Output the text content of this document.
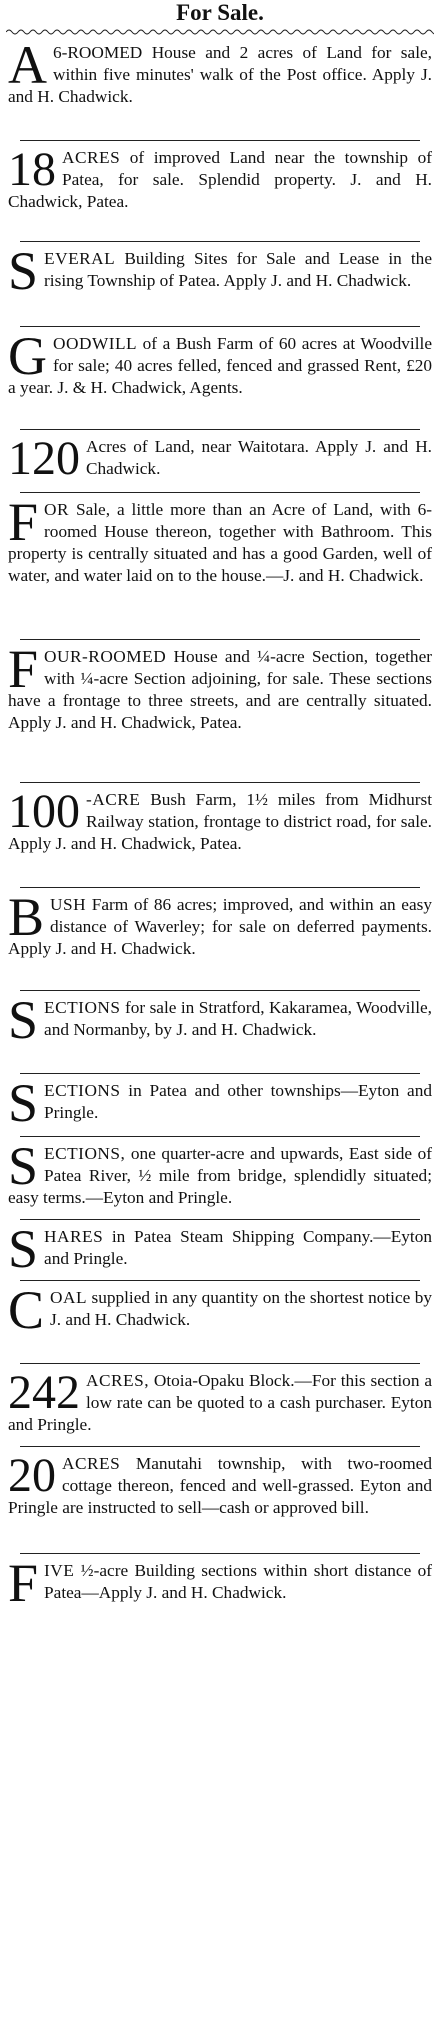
For Sale.
A 6-ROOMED House and 2 acres of Land for sale, within five minutes' walk of the Post office. Apply J. and H. Chadwick.
18 ACRES of improved Land near the township of Patea, for sale. Splendid property. J. and H. Chadwick, Patea.
SEVERAL Building Sites for Sale and Lease in the rising Township of Patea. Apply J. and H. Chadwick.
GOODWILL of a Bush Farm of 60 acres at Woodville for sale; 40 acres felled, fenced and grassed Rent, £20 a year. J. & H. Chadwick, Agents.
120 Acres of Land, near Waitotara. Apply J. and H. Chadwick.
FOR Sale, a little more than an Acre of Land, with 6-roomed House thereon, together with Bathroom. This property is centrally situated and has a good Garden, well of water, and water laid on to the house.—J. and H. Chadwick.
FOUR-ROOMED House and ¼-acre Section, together with ¼-acre Section adjoining, for sale. These sections have a frontage to three streets, and are centrally situated. Apply J. and H. Chadwick, Patea.
100 -ACRE Bush Farm, 1½ miles from Midhurst Railway station, frontage to district road, for sale. Apply J. and H. Chadwick, Patea.
BUSH Farm of 86 acres; improved, and within an easy distance of Waverley; for sale on deferred payments. Apply J. and H. Chadwick.
SECTIONS for sale in Stratford, Kakaramea, Woodville, and Normanby, by J. and H. Chadwick.
SECTIONS in Patea and other townships—Eyton and Pringle.
SECTIONS, one quarter-acre and upwards, East side of Patea River, ½ mile from bridge, splendidly situated; easy terms.—Eyton and Pringle.
SHARES in Patea Steam Shipping Company.—Eyton and Pringle.
COAL supplied in any quantity on the shortest notice by J. and H. Chadwick.
242 ACRES, Otoia-Opaku Block.—For this section a low rate can be quoted to a cash purchaser. Eyton and Pringle.
20 ACRES Manutahi township, with two-roomed cottage thereon, fenced and well-grassed. Eyton and Pringle are instructed to sell—cash or approved bill.
FIVE ½-acre Building sections within short distance of Patea—Apply J. and H. Chadwick.
